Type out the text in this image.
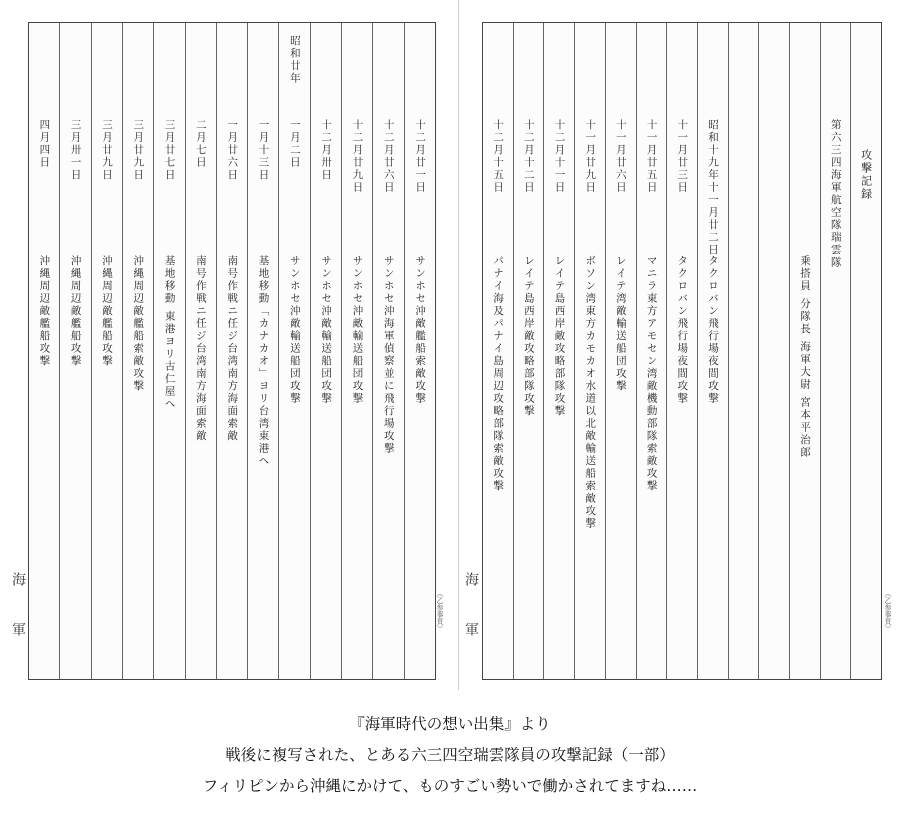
十二月廿一日
サンホセ沖敵艦船索敵攻撃
十二月廿六日
サンホセ沖海軍偵察並に飛行場攻撃
十二月廿九日
サンホセ沖敵輸送船団攻撃
十二月卅日
サンホセ沖敵輸送船団攻撃
昭和廿年
一月二日
サンホセ沖敵輸送船団攻撃
一月十三日
基地移動「カナカオ」ヨリ台湾東港へ
一月廿六日
南号作戦ニ任ジ台湾南方海面索敵
二月七日
南号作戦ニ任ジ台湾南方海面索敵
三月廿七日
基地移動 東港ヨリ古仁屋へ
三月廿九日
沖縄周辺敵艦船索敵攻撃
三月廿九日
沖縄周辺敵艦船攻撃
三月卅一日
沖縄周辺敵艦船攻撃
四月四日
沖縄周辺敵艦船攻撃
攻撃記録
第六三四海軍航空隊瑞雲隊
乗搭員 分隊長 海軍大尉 宮本平治郎
昭和十九年十一月廿二日
タクロバン飛行場夜間攻撃
十一月廿三日
タクロバン飛行場夜間攻撃
十一月廿五日
マニラ東方アモセン湾敵機動部隊索敵攻撃
十一月廿六日
レイテ湾敵輸送船団攻撃
十一月廿九日
ボソン湾東方カモカオ水道以北敵輸送船索敵攻撃
十二月十一日
レイテ島西岸敵攻略部隊攻撃
十二月十二日
レイテ島西岸敵攻略部隊攻撃
十二月十五日
パナイ海及パナイ島周辺攻略部隊索敵攻撃
海軍	海軍
（乙参事頁）	（乙参事頁）
『海軍時代の想い出集』より
戦後に複写された、とある六三四空瑞雲隊員の攻撃記録（一部）
フィリピンから沖縄にかけて、ものすごい勢いで働かされてますね……
